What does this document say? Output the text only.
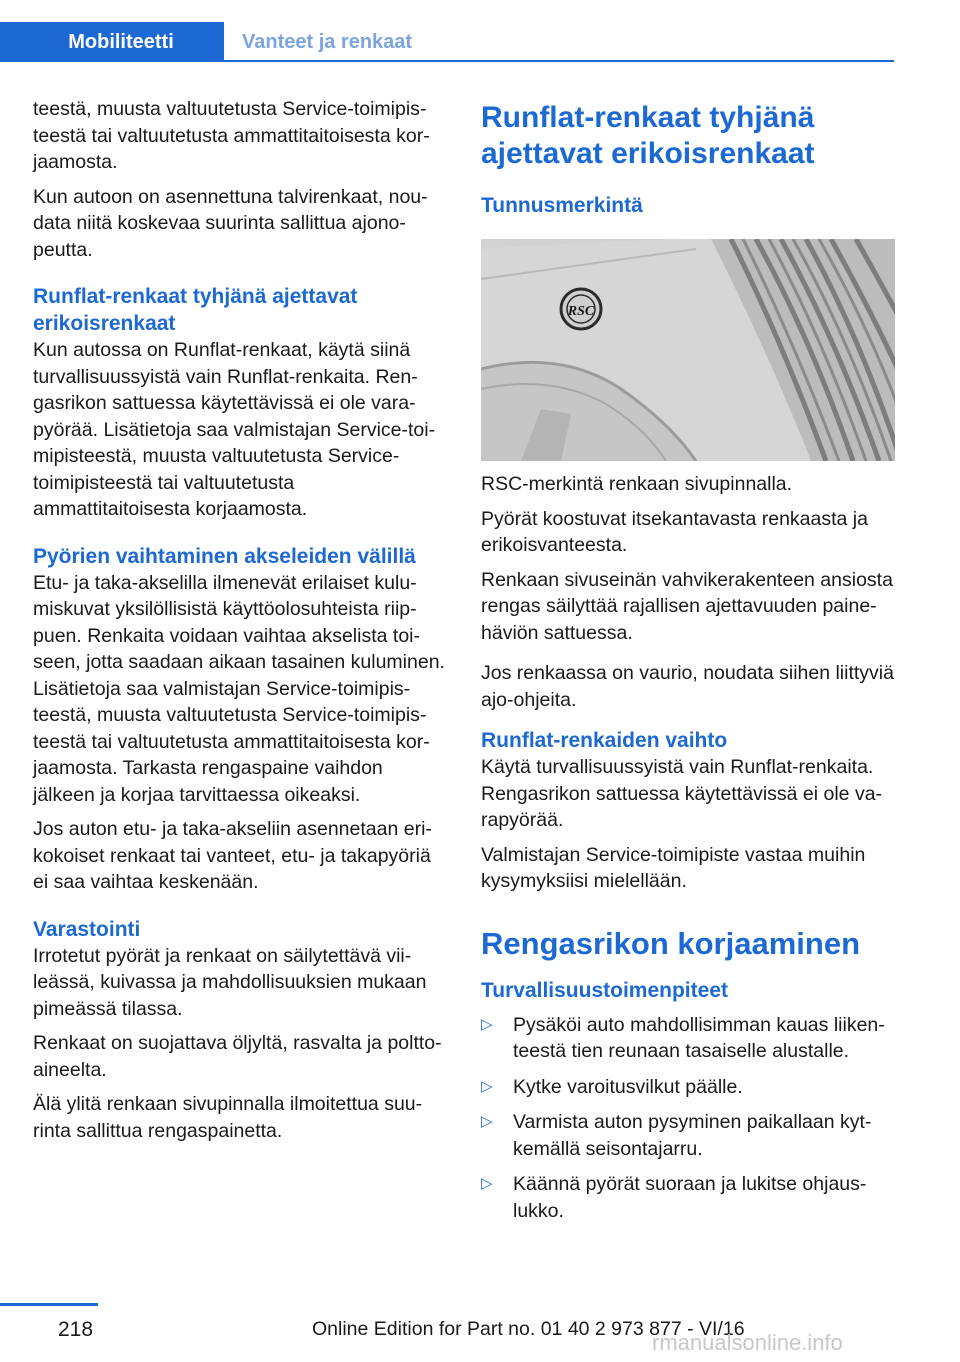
Mobiliteetti	Vanteet ja renkaat

teestä, muusta valtuutetusta Service-toimipisteestä tai valtuutetusta ammattitaitoisesta korjaamosta.

Kun autoon on asennettuna talvirenkaat, noudata niitä koskevaa suurinta sallittua ajonopeutta.

Runflat-renkaat tyhjänä ajettavat erikoisrenkaat

Kun autossa on Runflat-renkaat, käytä siinä turvallisuussyistä vain Runflat-renkaita. Rengasrikon sattuessa käytettävissä ei ole varapyörää. Lisätietoja saa valmistajan Service-toimipisteestä, muusta valtuutetusta Service-toimipisteestä tai valtuutetusta ammattitaitoisesta korjaamosta.

Pyörien vaihtaminen akseleiden välillä

Etu- ja taka-akselilla ilmenevät erilaiset kulumiskuvat yksilöllisistä käyttöolosuhteista riippuen. Renkaita voidaan vaihtaa akselista toiseen, jotta saadaan aikaan tasainen kuluminen. Lisätietoja saa valmistajan Service-toimipisteestä, muusta valtuutetusta Service-toimipisteestä tai valtuutetusta ammattitaitoisesta korjaamosta. Tarkasta rengaspaine vaihdon jälkeen ja korjaa tarvittaessa oikeaksi.

Jos auton etu- ja taka-akseliin asennetaan erikokoiset renkaat tai vanteet, etu- ja takapyöriä ei saa vaihtaa keskenään.

Varastointi

Irrotetut pyörät ja renkaat on säilytettävä viileässä, kuivassa ja mahdollisuuksien mukaan pimeässä tilassa.

Renkaat on suojattava öljyltä, rasvalta ja polttoaineelta.

Älä ylitä renkaan sivupinnalla ilmoitettua suurinta sallittua rengaspainetta.

Runflat-renkaat tyhjänä ajettavat erikoisrenkaat
Tunnusmerkintä
RSC

RSC-merkintä renkaan sivupinnalla.

Pyörät koostuvat itsekantavasta renkaasta ja erikoisvanteesta.

Renkaan sivuseinän vahvikerakenteen ansiosta rengas säilyttää rajallisen ajettavuuden painehäviön sattuessa.

Jos renkaassa on vaurio, noudata siihen liittyviä ajo-ohjeita.

Runflat-renkaiden vaihto

Käytä turvallisuussyistä vain Runflat-renkaita. Rengasrikon sattuessa käytettävissä ei ole varapyörää.

Valmistajan Service-toimipiste vastaa muihin kysymyksiisi mielellään.

Rengasrikon korjaaminen
Turvallisuustoimenpiteet
▷ Pysäköi auto mahdollisimman kauas liikenteestä tien reunaan tasaiselle alustalle.
▷ Kytke varoitusvilkut päälle.
▷ Varmista auton pysyminen paikallaan kytkemällä seisontajarru.
▷ Käännä pyörät suoraan ja lukitse ohjauslukko.
218	Online Edition for Part no. 01 40 2 973 877 - VI/16
rmanualsonline.info
